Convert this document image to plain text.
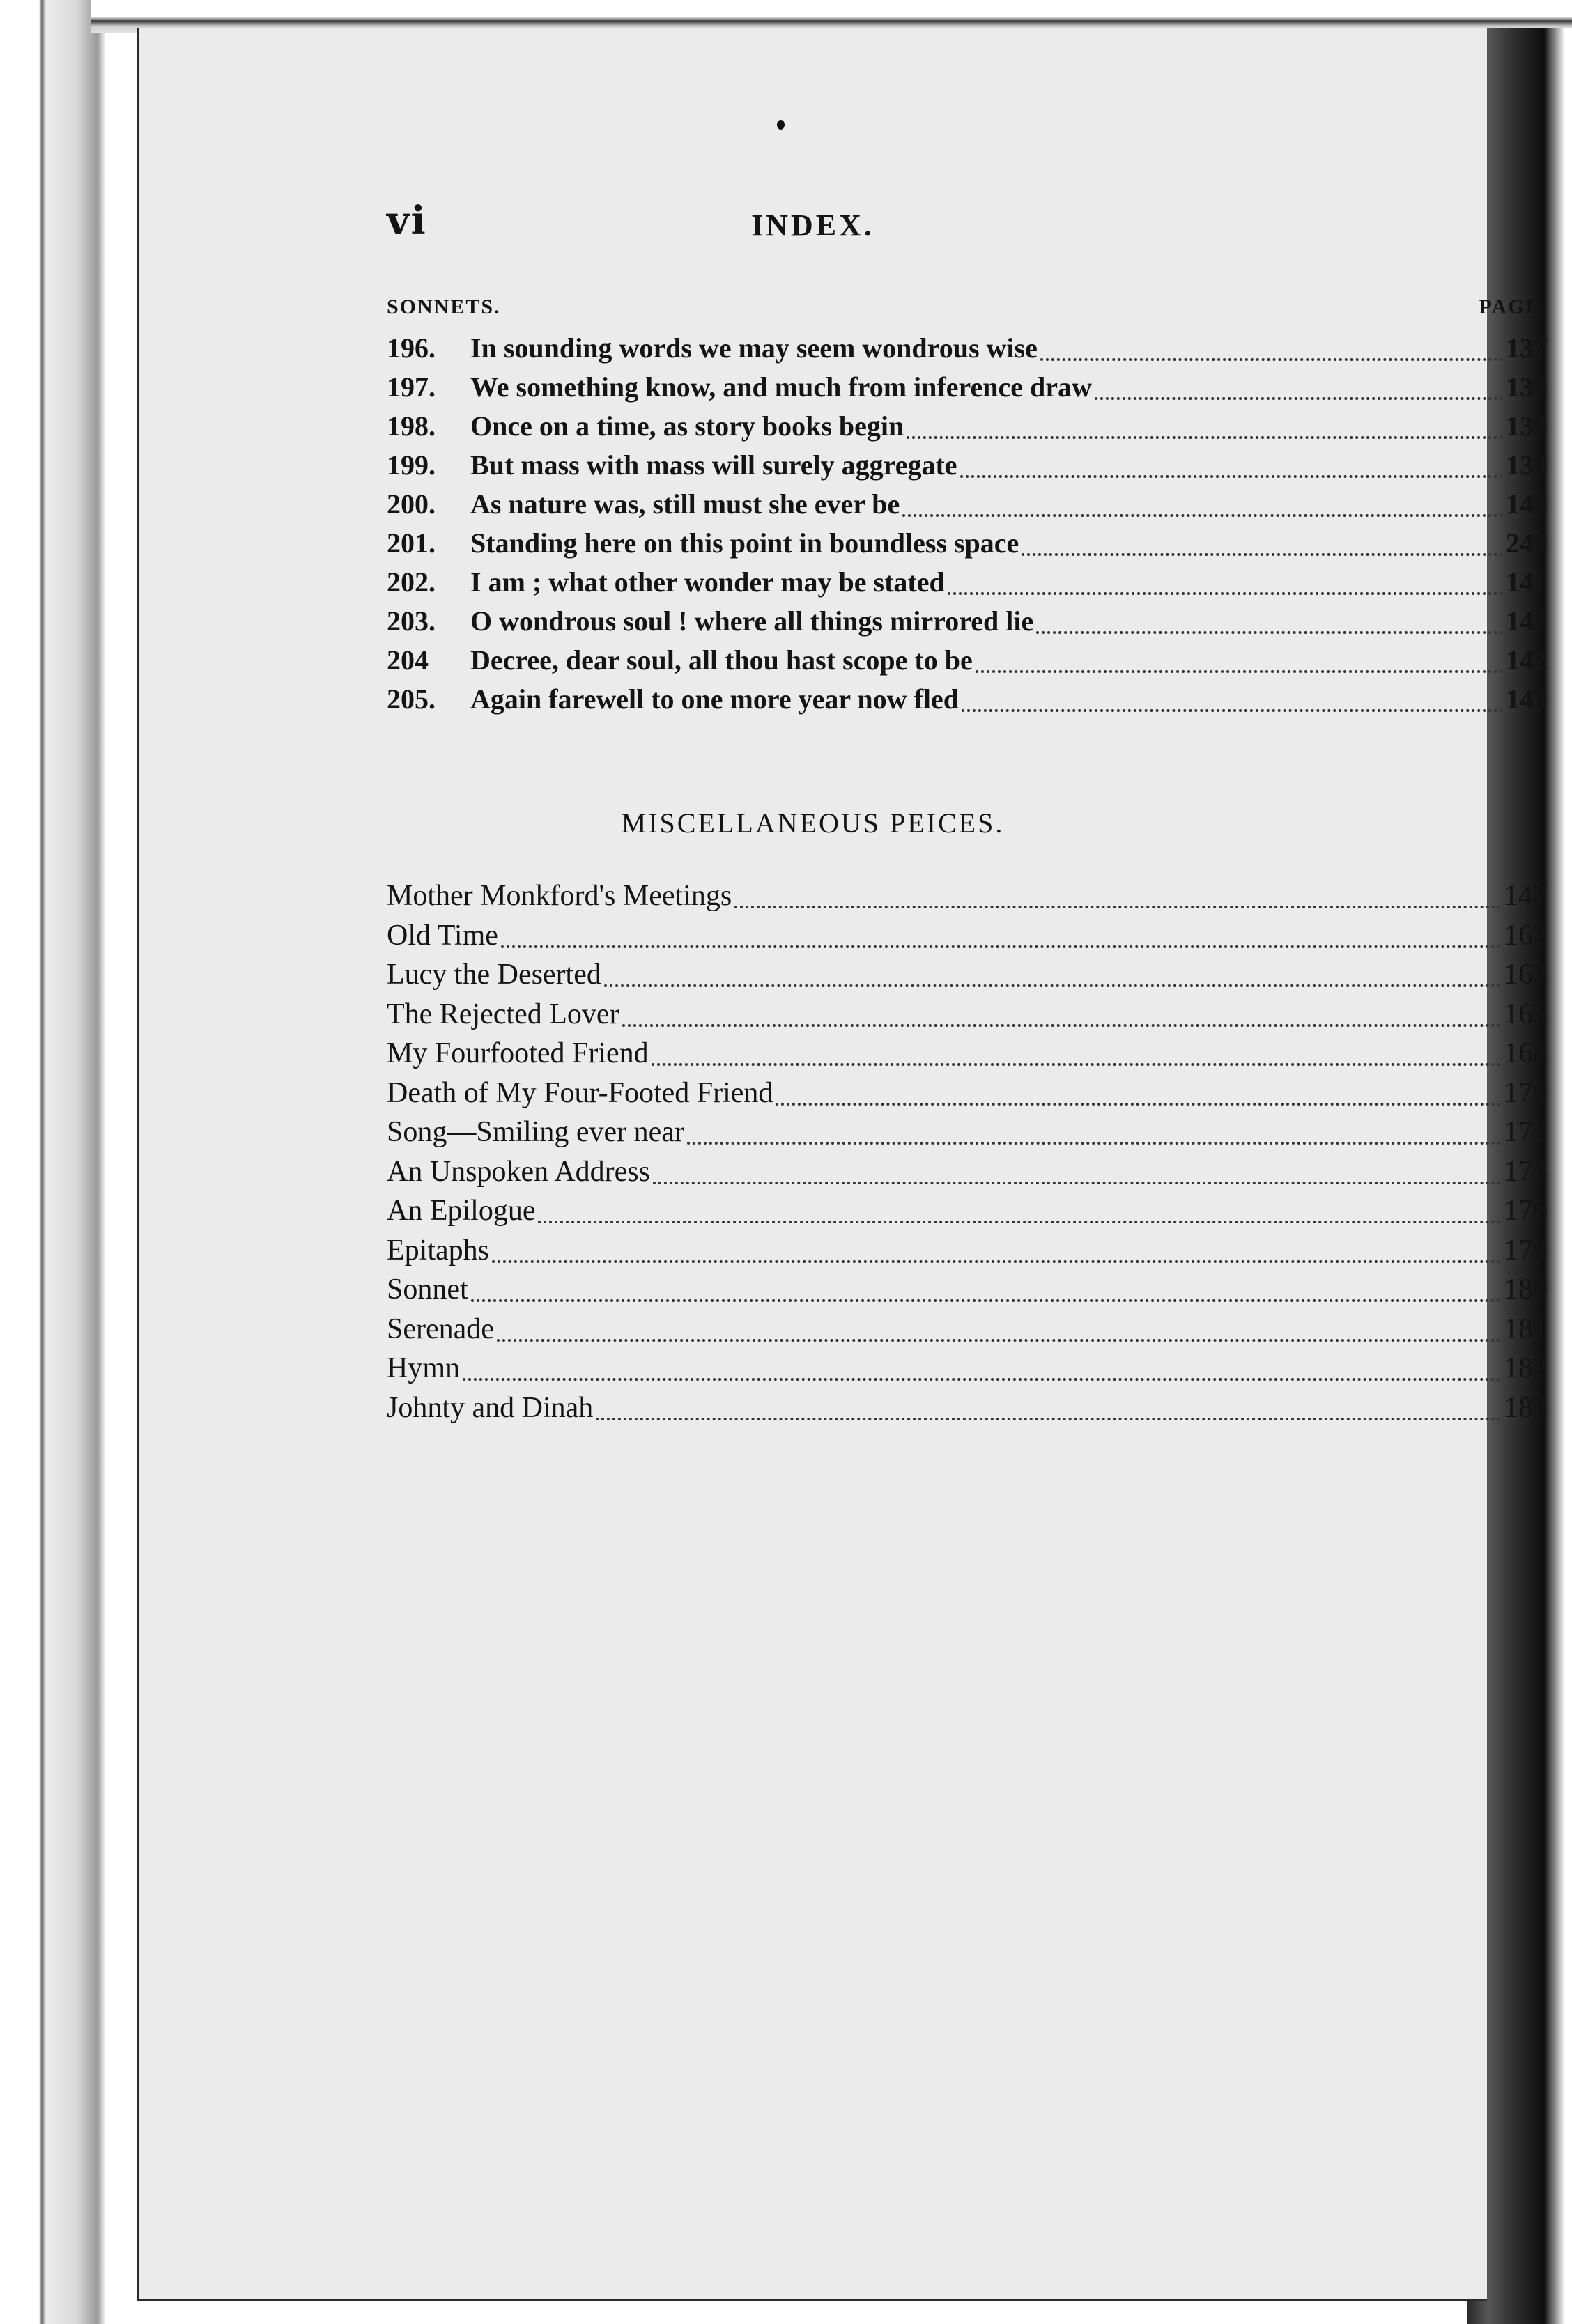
vi	INDEX.
SONNETS.	PAGE.
196.	In sounding words we may seem wondrous wise	137
197.	We something know, and much from inference draw	138
198.	Once on a time, as story books begin	138
199.	But mass with mass will surely aggregate	139
200.	As nature was, still must she ever be	140
201.	Standing here on this point in boundless space	240
202.	I am ; what other wonder may be stated	141
203.	O wondrous soul ! where all things mirrored lie	142
204	Decree, dear soul, all thou hast scope to be	142
205.	Again farewell to one more year now fled	143
MISCELLANEOUS PEICES.
Mother Monkford's Meetings	147
Old Time	162
Lucy the Deserted	163
The Rejected Lover	165
My Fourfooted Friend	168
Death of My Four-Footed Friend	170
Song—Smiling ever near	172
An Unspoken Address	173
An Epilogue	176
Epitaphs	179
Sonnet	180
Serenade	181
Hymn	182
Johnty and Dinah	183
